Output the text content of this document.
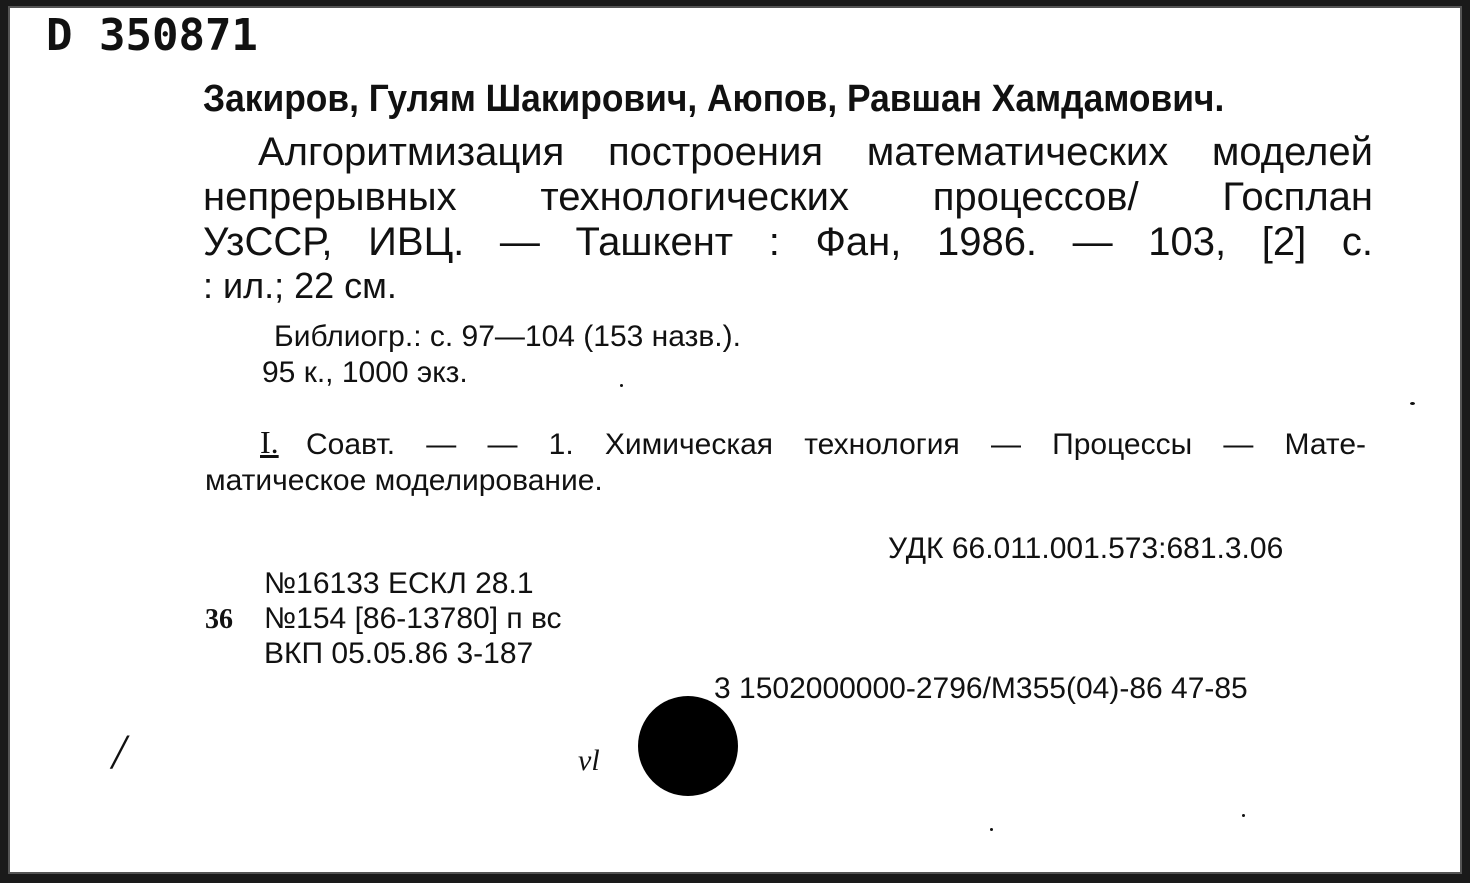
D 350871
Закиров, Гулям Шакирович, Аюпов, Равшан Хамдамович.
Алгоритмизация построения математических моделей
непрерывных технологических процессов/ Госплан
УзССР, ИВЦ. — Ташкент : Фан, 1986. — 103, [2] с.
: ил.; 22 см.
Библиогр.: с. 97—104 (153 назв.).
95 к., 1000 экз.
I. Соавт. — — 1. Химическая технология — Процессы — Мате-
матическое моделирование.
УДК 66.011.001.573:681.3.06
№16133 ЕСКЛ 28.1
36 №154 [86-13780] п вс
ВКП 05.05.86 3-187
3 1502000000-2796/М355(04)-86 47-85
/	vl
